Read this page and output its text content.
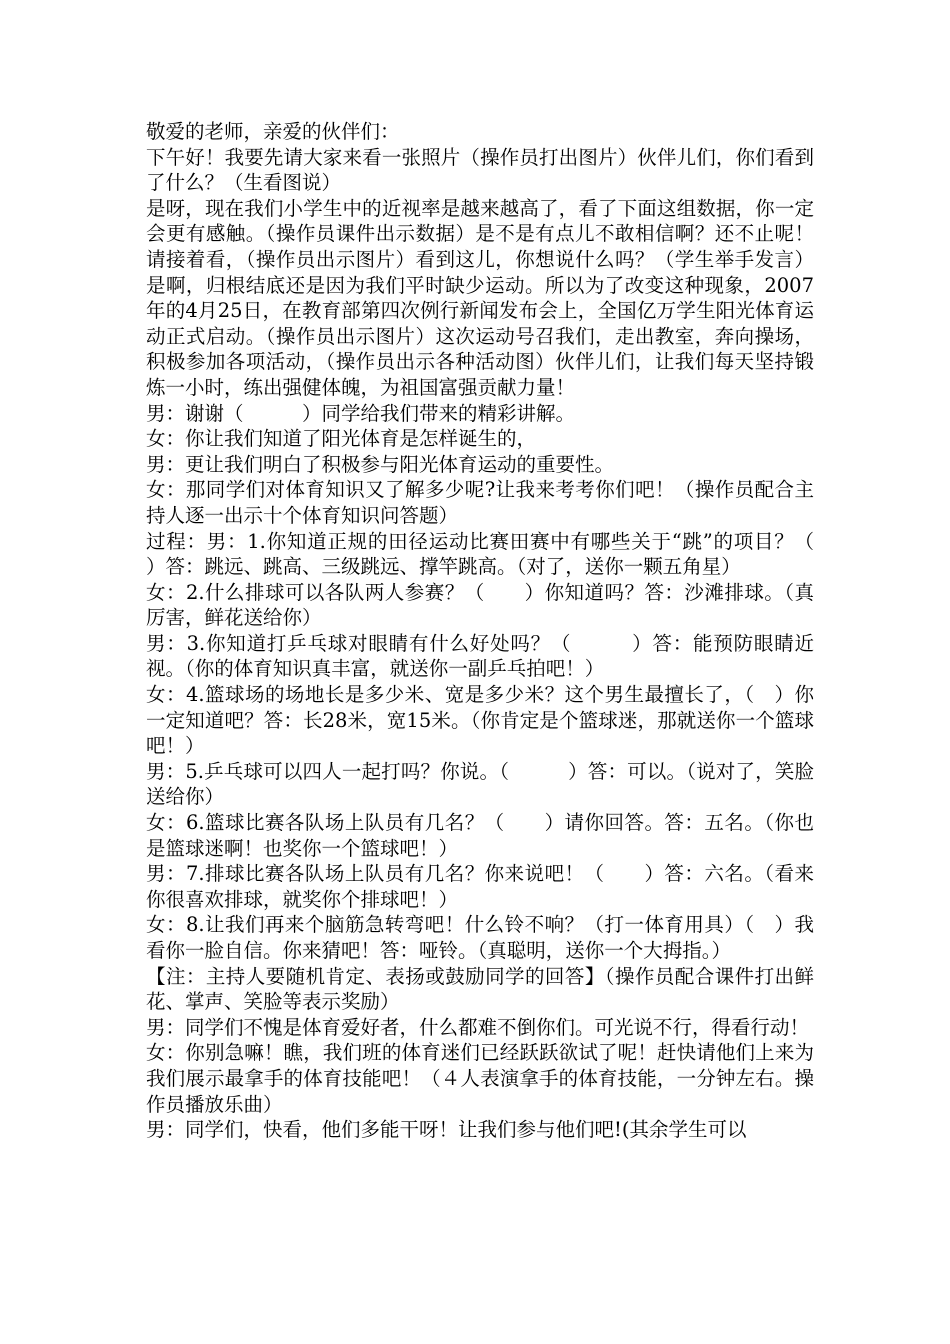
敬爱的老师，亲爱的伙伴们：

下午好！我要先请大家来看一张照片（操作员打出图片）伙伴儿们，你们看到了什么？（生看图说）

是呀，现在我们小学生中的近视率是越来越高了，看了下面这组数据，你一定会更有感触。（操作员课件出示数据）是不是有点儿不敢相信啊？还不止呢！请接着看，（操作员出示图片）看到这儿，你想说什么吗？（学生举手发言）是啊，归根结底还是因为我们平时缺少运动。所以为了改变这种现象，2007年的4月25日，在教育部第四次例行新闻发布会上，全国亿万学生阳光体育运动正式启动。（操作员出示图片）这次运动号召我们，走出教室，奔向操场，积极参加各项活动，（操作员出示各种活动图）伙伴儿们，让我们每天坚持锻炼一小时，练出强健体魄，为祖国富强贡献力量！

男：谢谢（　　　）同学给我们带来的精彩讲解。

女：你让我们知道了阳光体育是怎样诞生的，

男：更让我们明白了积极参与阳光体育运动的重要性。

女：那同学们对体育知识又了解多少呢?让我来考考你们吧！（操作员配合主持人逐一出示十个体育知识问答题）

过程：男：1.你知道正规的田径运动比赛田赛中有哪些关于“跳”的项目？（　　）答：跳远、跳高、三级跳远、撑竿跳高。（对了，送你一颗五角星）

女：2.什么排球可以各队两人参赛？（　　）你知道吗？答：沙滩排球。（真厉害，鲜花送给你）

男：3.你知道打乒乓球对眼睛有什么好处吗？（　　　）答：能预防眼睛近视。（你的体育知识真丰富，就送你一副乒乓拍吧！）

女：4.篮球场的场地长是多少米、宽是多少米？这个男生最擅长了，（　）你一定知道吧？答：长28米，宽15米。（你肯定是个篮球迷，那就送你一个篮球吧！）

男：5.乒乓球可以四人一起打吗？你说。（　　　）答：可以。（说对了，笑脸送给你）

女：6.篮球比赛各队场上队员有几名？（　　）请你回答。答：五名。（你也是篮球迷啊！也奖你一个篮球吧！）

男：7.排球比赛各队场上队员有几名？你来说吧！（　　）答：六名。（看来你很喜欢排球，就奖你个排球吧！）

女：8.让我们再来个脑筋急转弯吧！什么铃不响？（打一体育用具）（　）我看你一脸自信。你来猜吧！答：哑铃。（真聪明，送你一个大拇指。）

【注：主持人要随机肯定、表扬或鼓励同学的回答】（操作员配合课件打出鲜花、掌声、笑脸等表示奖励）

男：同学们不愧是体育爱好者，什么都难不倒你们。可光说不行，得看行动！

女：你别急嘛！瞧，我们班的体育迷们已经跃跃欲试了呢！赶快请他们上来为我们展示最拿手的体育技能吧！（４人表演拿手的体育技能，一分钟左右。操作员播放乐曲）

男：同学们，快看，他们多能干呀！让我们参与他们吧!(其余学生可以
